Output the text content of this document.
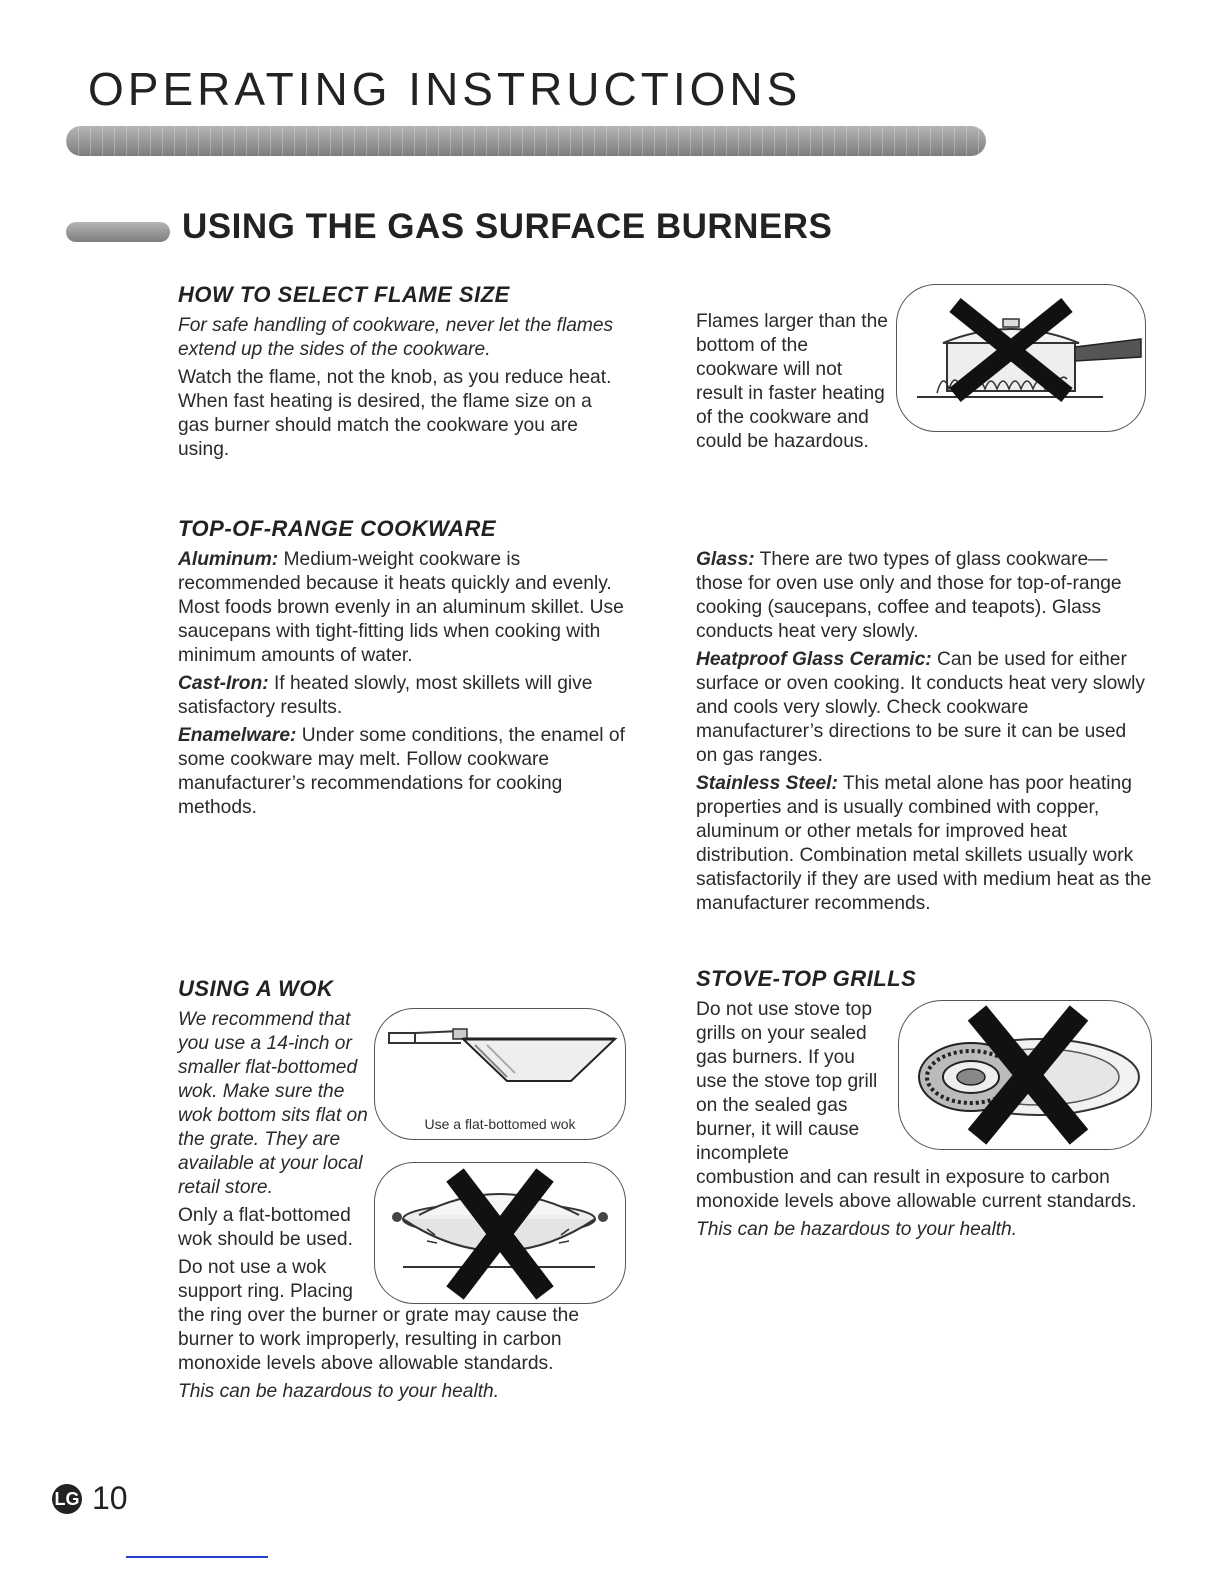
OPERATING INSTRUCTIONS
USING THE GAS SURFACE BURNERS
HOW TO SELECT FLAME SIZE

For safe handling of cookware, never let the flames extend up the sides of the cookware.

Watch the flame, not the knob, as you reduce heat. When fast heating is desired, the flame size on a gas burner should match the cookware you are using.

Flames larger than the bottom of the cookware will not result in faster heating of the cookware and could be hazardous.
TOP-OF-RANGE COOKWARE

Aluminum: Medium-weight cookware is recommended because it heats quickly and evenly. Most foods brown evenly in an aluminum skillet. Use saucepans with tight-fitting lids when cooking with minimum amounts of water.

Cast-Iron: If heated slowly, most skillets will give satisfactory results.

Enamelware: Under some conditions, the enamel of some cookware may melt. Follow cookware manufacturer’s recommendations for cooking methods.

Glass: There are two types of glass cookware—those for oven use only and those for top-of-range cooking (saucepans, coffee and teapots). Glass conducts heat very slowly.

Heatproof Glass Ceramic: Can be used for either surface or oven cooking. It conducts heat very slowly and cools very slowly. Check cookware manufacturer’s directions to be sure it can be used on gas ranges.

Stainless Steel: This metal alone has poor heating properties and is usually combined with copper, aluminum or other metals for improved heat distribution. Combination metal skillets usually work satisfactorily if they are used with medium heat as the manufacturer recommends.

USING A WOK
Use a flat-bottomed wok

We recommend that you use a 14-inch or smaller flat-bottomed wok. Make sure the wok bottom sits flat on the grate. They are available at your local retail store.

Only a flat-bottomed wok should be used.

Do not use a wok support ring. Placing the ring over the burner or grate may cause the burner to work improperly, resulting in carbon monoxide levels above allowable standards.

This can be hazardous to your health.

STOVE-TOP GRILLS
Do not use stove top grills on your sealed gas burners. If you use the stove top grill on the sealed gas burner, it will cause incomplete combustion and can result in exposure to carbon monoxide levels above allowable current standards.

This can be hazardous to your health.

LG 10
